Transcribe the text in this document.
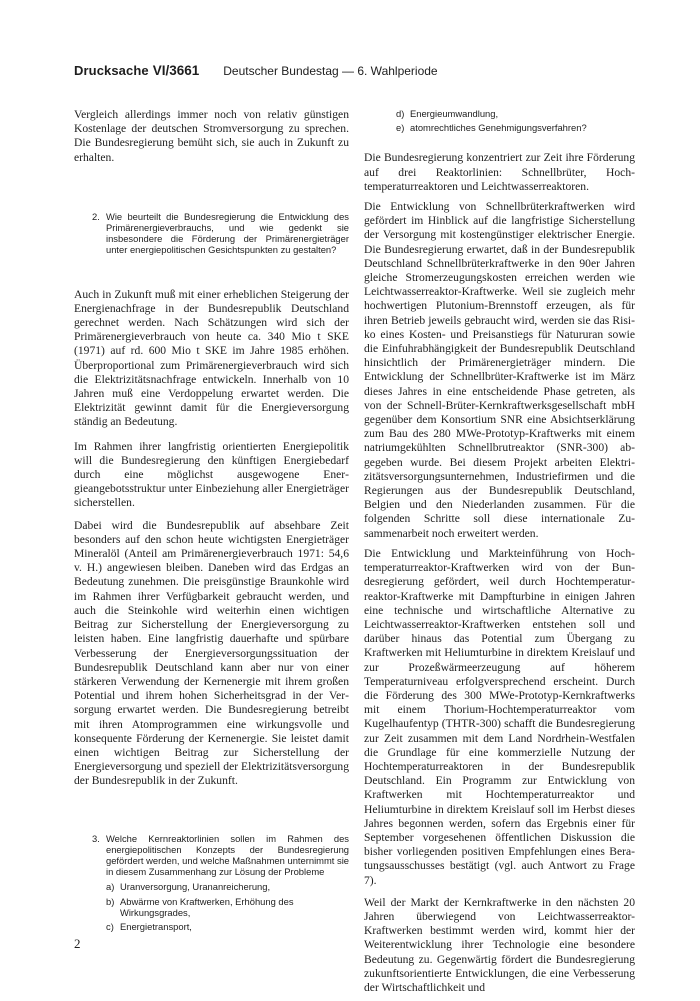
Drucksache VI/3661 Deutscher Bundestag — 6. Wahlperiode

Vergleich allerdings immer noch von relativ günstigen Kostenlage der deutschen Stromversorgung zu sprechen. Die Bundesregierung bemüht sich, sie auch in Zukunft zu erhalten.

2. Wie beurteilt die Bundesregierung die Entwicklung des Primärenergieverbrauchs, und wie gedenkt sie insbesondere die Förderung der Primärenergieträger unter energiepolitischen Gesichtspunkten zu gestalten?

Auch in Zukunft muß mit einer erheblichen Steigerung der Energienachfrage in der Bundesrepublik Deutschland gerechnet werden. Nach Schätzungen wird sich der Primärenergieverbrauch von heute ca. 340 Mio t SKE (1971) auf rd. 600 Mio t SKE im Jahre 1985 erhöhen. Überproportional zum Primärenergieverbrauch wird sich die Elektrizitätsnachfrage entwickeln. Innerhalb von 10 Jahren muß eine Verdoppelung erwartet werden. Die Elektrizität gewinnt damit für die Energieversorgung ständig an Bedeutung.

Im Rahmen ihrer langfristig orientierten Energiepolitik will die Bundesregierung den künftigen Energiebedarf durch eine möglichst ausgewogene Energieangebotsstruktur unter Einbeziehung aller Energieträger sicherstellen.

Dabei wird die Bundesrepublik auf absehbare Zeit besonders auf den schon heute wichtigsten Energieträger Mineralöl (Anteil am Primärenergieverbrauch 1971: 54,6 v. H.) angewiesen bleiben. Daneben wird das Erdgas an Bedeutung zunehmen. Die preisgünstige Braunkohle wird im Rahmen ihrer Verfügbarkeit gebraucht werden, und auch die Steinkohle wird weiterhin einen wichtigen Beitrag zur Sicherstellung der Energieversorgung zu leisten haben. Eine langfristig dauerhafte und spürbare Verbesserung der Energieversorgungssituation der Bundesrepublik Deutschland kann aber nur von einer stärkeren Verwendung der Kernenergie mit ihrem großen Potential und ihrem hohen Sicherheitsgrad in der Versorgung erwartet werden. Die Bundesregierung betreibt mit ihren Atomprogrammen eine wirkungsvolle und konsequente Förderung der Kernenergie. Sie leistet damit einen wichtigen Beitrag zur Sicherstellung der Energieversorgung und speziell der Elektrizitätsversorgung der Bundesrepublik in der Zukunft.

3. Welche Kernreaktorlinien sollen im Rahmen des energiepolitischen Konzepts der Bundesregierung gefördert werden, und welche Maßnahmen unternimmt sie in diesem Zusammenhang zur Lösung der Probleme
a) Uranversorgung, Urananreicherung,
b) Abwärme von Kraftwerken, Erhöhung des Wirkungsgrades,
c) Energietransport,
d) Energieumwandlung,
e) atomrechtliches Genehmigungsverfahren?

Die Bundesregierung konzentriert zur Zeit ihre Förderung auf drei Reaktorlinien: Schnellbrüter, Hochtemperaturreaktoren und Leichtwasserreaktoren.

Die Entwicklung von Schnellbrüterkraftwerken wird gefördert im Hinblick auf die langfristige Sicherstellung der Versorgung mit kostengünstiger elektrischer Energie. Die Bundesregierung erwartet, daß in der Bundesrepublik Deutschland Schnellbrüterkraftwerke in den 90er Jahren gleiche Stromerzeugungskosten erreichen werden wie Leichtwasserreaktor-Kraftwerke. Weil sie zugleich mehr hochwertigen Plutonium-Brennstoff erzeugen, als für ihren Betrieb jeweils gebraucht wird, werden sie das Risiko eines Kosten- und Preisanstiegs für Natururan sowie die Einfuhrabhängigkeit der Bundesrepublik Deutschland hinsichtlich der Primärenergieträger mindern. Die Entwicklung der Schnellbrüter-Kraftwerke ist im März dieses Jahres in eine entscheidende Phase getreten, als von der Schnell-Brüter-Kernkraftwerksgesellschaft mbH gegenüber dem Konsortium SNR eine Absichtserklärung zum Bau des 280 MWe-Prototyp-Kraftwerks mit einem natriumgekühlten Schnellbrutreaktor (SNR-300) abgegeben wurde. Bei diesem Projekt arbeiten Elektrizitätsversorgungsunternehmen, Industriefirmen und die Regierungen aus der Bundesrepublik Deutschland, Belgien und den Niederlanden zusammen. Für die folgenden Schritte soll diese internationale Zusammenarbeit noch erweitert werden.

Die Entwicklung und Markteinführung von Hochtemperaturreaktor-Kraftwerken wird von der Bundesregierung gefördert, weil durch Hochtemperaturreaktor-Kraftwerke mit Dampfturbine in einigen Jahren eine technische und wirtschaftliche Alternative zu Leichtwasserreaktor-Kraftwerken entstehen soll und darüber hinaus das Potential zum Übergang zu Kraftwerken mit Heliumturbine in direktem Kreislauf und zur Prozeßwärmeerzeugung auf höherem Temperaturniveau erfolgversprechend erscheint. Durch die Förderung des 300 MWe-Prototyp-Kernkraftwerks mit einem Thorium-Hochtemperaturreaktor vom Kugelhaufentyp (THTR-300) schafft die Bundesregierung zur Zeit zusammen mit dem Land Nordrhein-Westfalen die Grundlage für eine kommerzielle Nutzung der Hochtemperaturreaktoren in der Bundesrepublik Deutschland. Ein Programm zur Entwicklung von Kraftwerken mit Hochtemperaturreaktor und Heliumturbine in direktem Kreislauf soll im Herbst dieses Jahres begonnen werden, sofern das Ergebnis einer für September vorgesehenen öffentlichen Diskussion die bisher vorliegenden positiven Empfehlungen eines Beratungsausschusses bestätigt (vgl. auch Antwort zu Frage 7).

Weil der Markt der Kernkraftwerke in den nächsten 20 Jahren überwiegend von Leichtwasserreaktor-Kraftwerken bestimmt werden wird, kommt hier der Weiterentwicklung ihrer Technologie eine besondere Bedeutung zu. Gegenwärtig fördert die Bundesregierung zukunftsorientierte Entwicklungen, die eine Verbesserung der Wirtschaftlichkeit und

2
